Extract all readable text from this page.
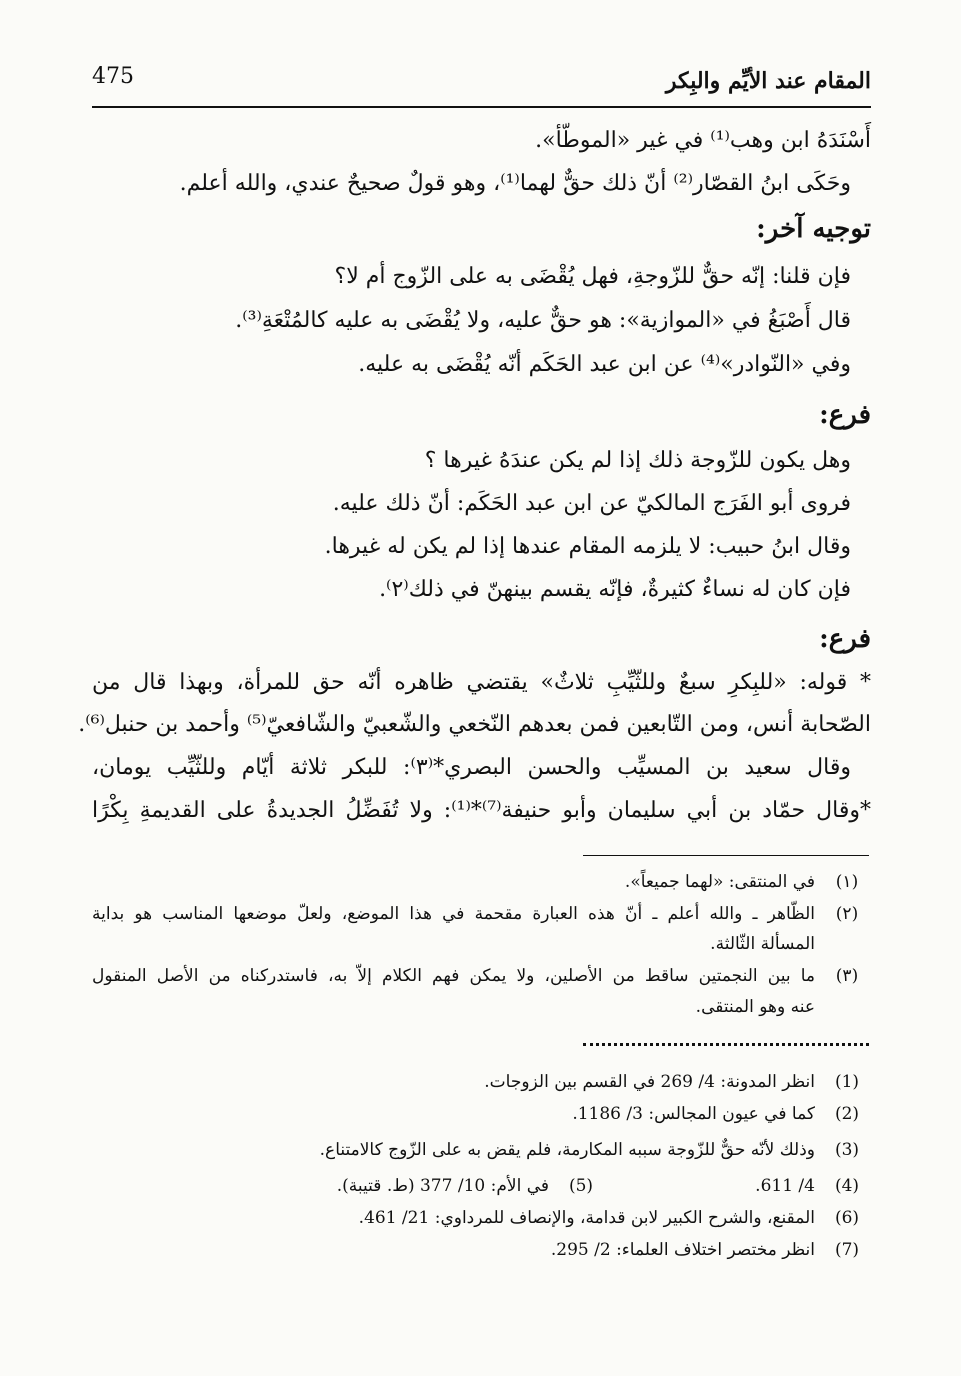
المقام عند الأيِّم والبِكر
475
أَسْنَدَهُ ابن وهب⁽¹⁾ في غير «الموطّأ».
وحَكَى ابنُ القصّار⁽²⁾ أنّ ذلك حقٌّ لهما⁽¹⁾، وهو قولٌ صحيحٌ عندي، والله أعلم.
توجيه آخر:
فإن قلنا: إنّه حقٌّ للزّوجةِ، فهل يُقْضَى به على الزّوج أم لا؟
قال أَصْبَغُ في «الموازية»: هو حقٌّ عليه، ولا يُقْضَى به عليه كالمُتْعَةِ⁽³⁾.
وفي «النّوادر»⁽⁴⁾ عن ابن عبد الحَكَم أنّه يُقْضَى به عليه.
فرع:
وهل يكون للزّوجة ذلك إذا لم يكن عندَهُ غيرها ؟
فروى أبو الفَرَج المالكيّ عن ابن عبد الحَكَم: أنّ ذلك عليه.
وقال ابنُ حبيب: لا يلزمه المقام عندها إذا لم يكن له غيرها.
فإن كان له نساءٌ كثيرةٌ، فإنّه يقسم بينهنّ في ذلك⁽٢⁾.
فرع:
* قوله: «للبِكرِ سبعٌ وللثّيِّبِ ثلاثٌ» يقتضي ظاهره أنّه حق للمرأة، وبهذا قال من
الصّحابة أنس، ومن التّابعين فمن بعدهم النّخعي والشّعبيّ والشّافعيّ⁽⁵⁾ وأحمد بن حنبل⁽⁶⁾.
وقال سعيد بن المسيِّب والحسن البصري*⁽٣⁾: للبكر ثلاثة أيّام وللثّيِّب يومان،
*وقال حمّاد بن أبي سليمان وأبو حنيفة⁽⁷⁾*⁽¹⁾: ولا تُفَضِّلُ الجديدةُ على القديمةِ بِكْرًا
(١)
في المنتقى: «لهما جميعاً».
(٢)
الظّاهر ـ والله أعلم ـ أنّ هذه العبارة مقحمة في هذا الموضع، ولعلّ موضعها المناسب هو بداية
المسألة الثّالثة.
(٣)
ما بين النجمتين ساقط من الأصلين، ولا يمكن فهم الكلام إلاّ به، فاستدركناه من الأصل المنقول
عنه وهو المنتقى.
(1)
انظر المدونة: 4/ 269 في القسم بين الزوجات.
(2)
كما في عيون المجالس: 3/ 1186.
(3)
وذلك لأنّه حقٌّ للزّوجة سببه المكارمة، فلم يقض به على الزّوج كالامتناع.
(4)
4/ 611.
(5)
في الأم: 10/ 377 (ط. قتيبة).
(6)
المقنع، والشرح الكبير لابن قدامة، والإنصاف للمرداوي: 21/ 461.
(7)
انظر مختصر اختلاف العلماء: 2/ 295.
